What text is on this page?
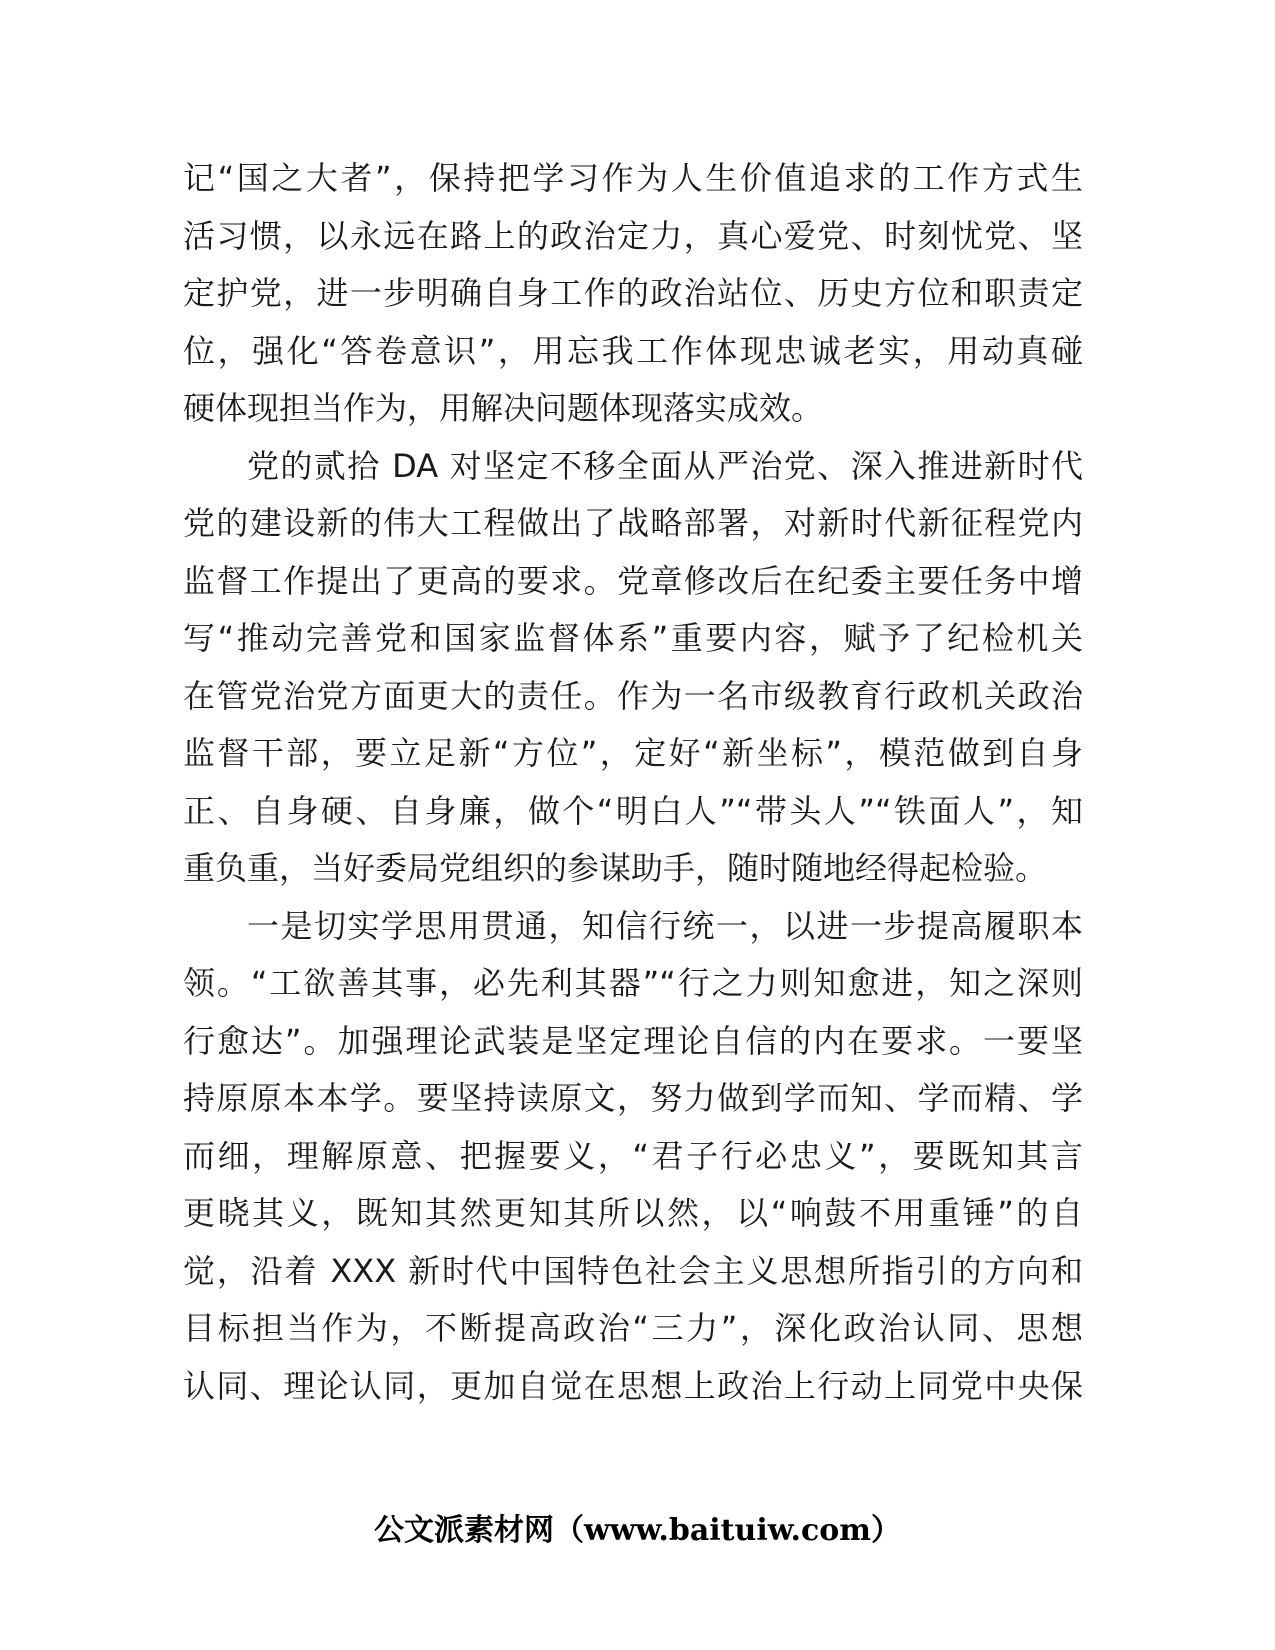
记“国之大者”，保持把学习作为人生价值追求的工作方式生
活习惯，以永远在路上的政治定力，真心爱党、时刻忧党、坚
定护党，进一步明确自身工作的政治站位、历史方位和职责定
位，强化“答卷意识”，用忘我工作体现忠诚老实，用动真碰
硬体现担当作为，用解决问题体现落实成效。
党的贰拾 DA 对坚定不移全面从严治党、深入推进新时代
党的建设新的伟大工程做出了战略部署，对新时代新征程党内
监督工作提出了更高的要求。党章修改后在纪委主要任务中增
写“推动完善党和国家监督体系”重要内容，赋予了纪检机关
在管党治党方面更大的责任。作为一名市级教育行政机关政治
监督干部，要立足新“方位”，定好“新坐标”，模范做到自身
正、自身硬、自身廉，做个“明白人”“带头人”“铁面人”，知
重负重，当好委局党组织的参谋助手，随时随地经得起检验。
一是切实学思用贯通，知信行统一，以进一步提高履职本
领。“工欲善其事，必先利其器”“行之力则知愈进，知之深则
行愈达”。加强理论武装是坚定理论自信的内在要求。一要坚
持原原本本学。要坚持读原文，努力做到学而知、学而精、学
而细，理解原意、把握要义，“君子行必忠义”，要既知其言
更晓其义，既知其然更知其所以然，以“响鼓不用重锤”的自
觉，沿着 XXX 新时代中国特色社会主义思想所指引的方向和
目标担当作为，不断提高政治“三力”，深化政治认同、思想
认同、理论认同，更加自觉在思想上政治上行动上同党中央保
公文派素材网（www.baituiw.com）
